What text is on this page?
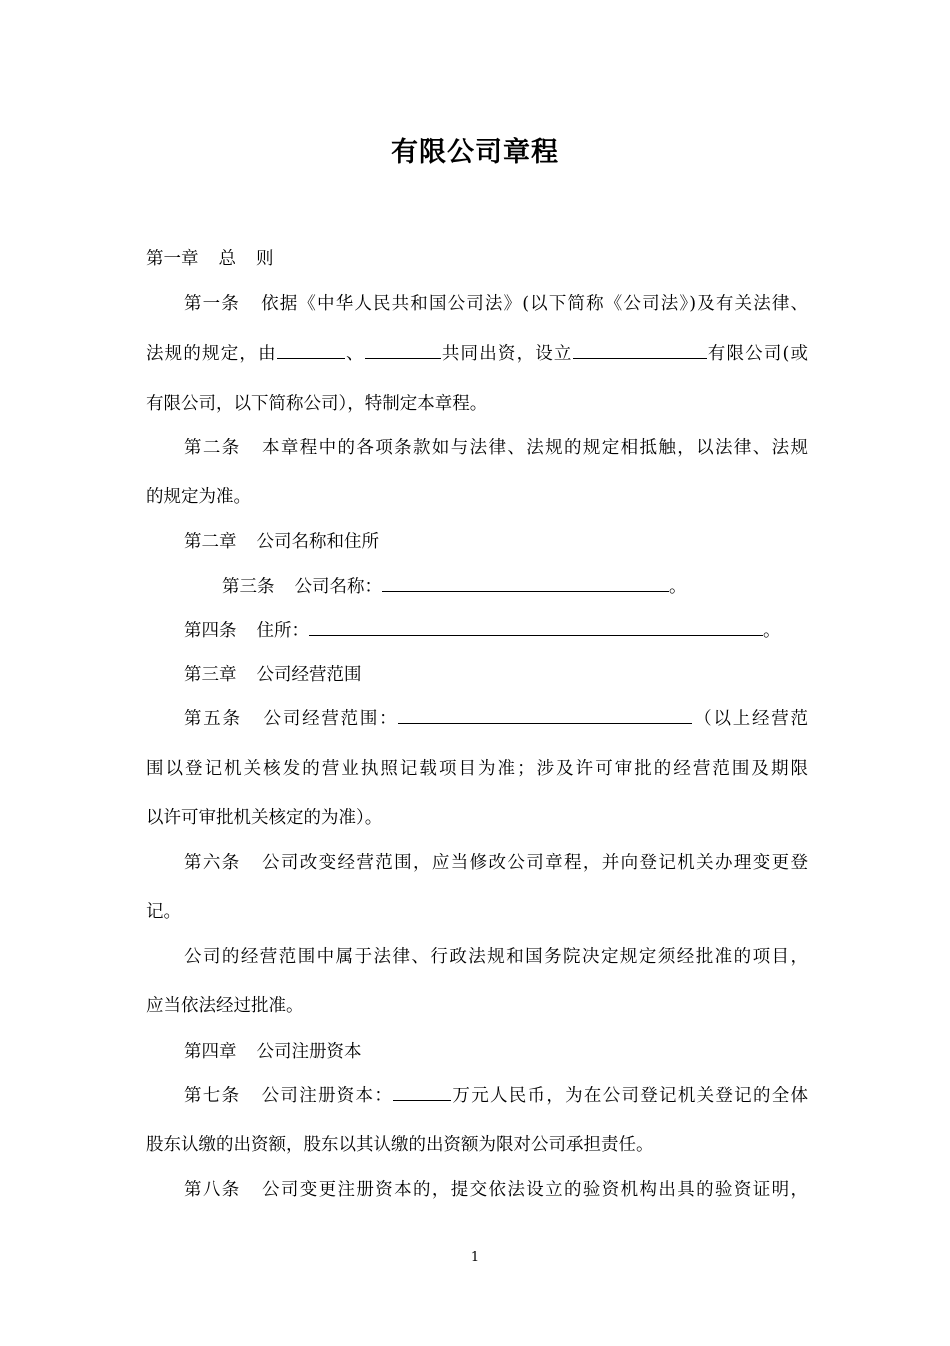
有限公司章程
第一章 总 则
第一条 依据《中华人民共和国公司法》(以下简称《公司法》)及有关法律、
法规的规定，由	、	共同出资，设立	有限公司(或
有限公司，以下简称公司），特制定本章程。
第二条 本章程中的各项条款如与法律、法规的规定相抵触，以法律、法规
的规定为准。
第二章 公司名称和住所
第三条 公司名称：	。
第四条 住所：	。
第三章 公司经营范围
第五条 公司经营范围：	（以上经营范
围以登记机关核发的营业执照记载项目为准；涉及许可审批的经营范围及期限
以许可审批机关核定的为准）。
第六条 公司改变经营范围，应当修改公司章程，并向登记机关办理变更登
记。
公司的经营范围中属于法律、行政法规和国务院决定规定须经批准的项目，
应当依法经过批准。
第四章 公司注册资本
第七条 公司注册资本：	万元人民币，为在公司登记机关登记的全体
股东认缴的出资额，股东以其认缴的出资额为限对公司承担责任。
第八条 公司变更注册资本的，提交依法设立的验资机构出具的验资证明，
1
